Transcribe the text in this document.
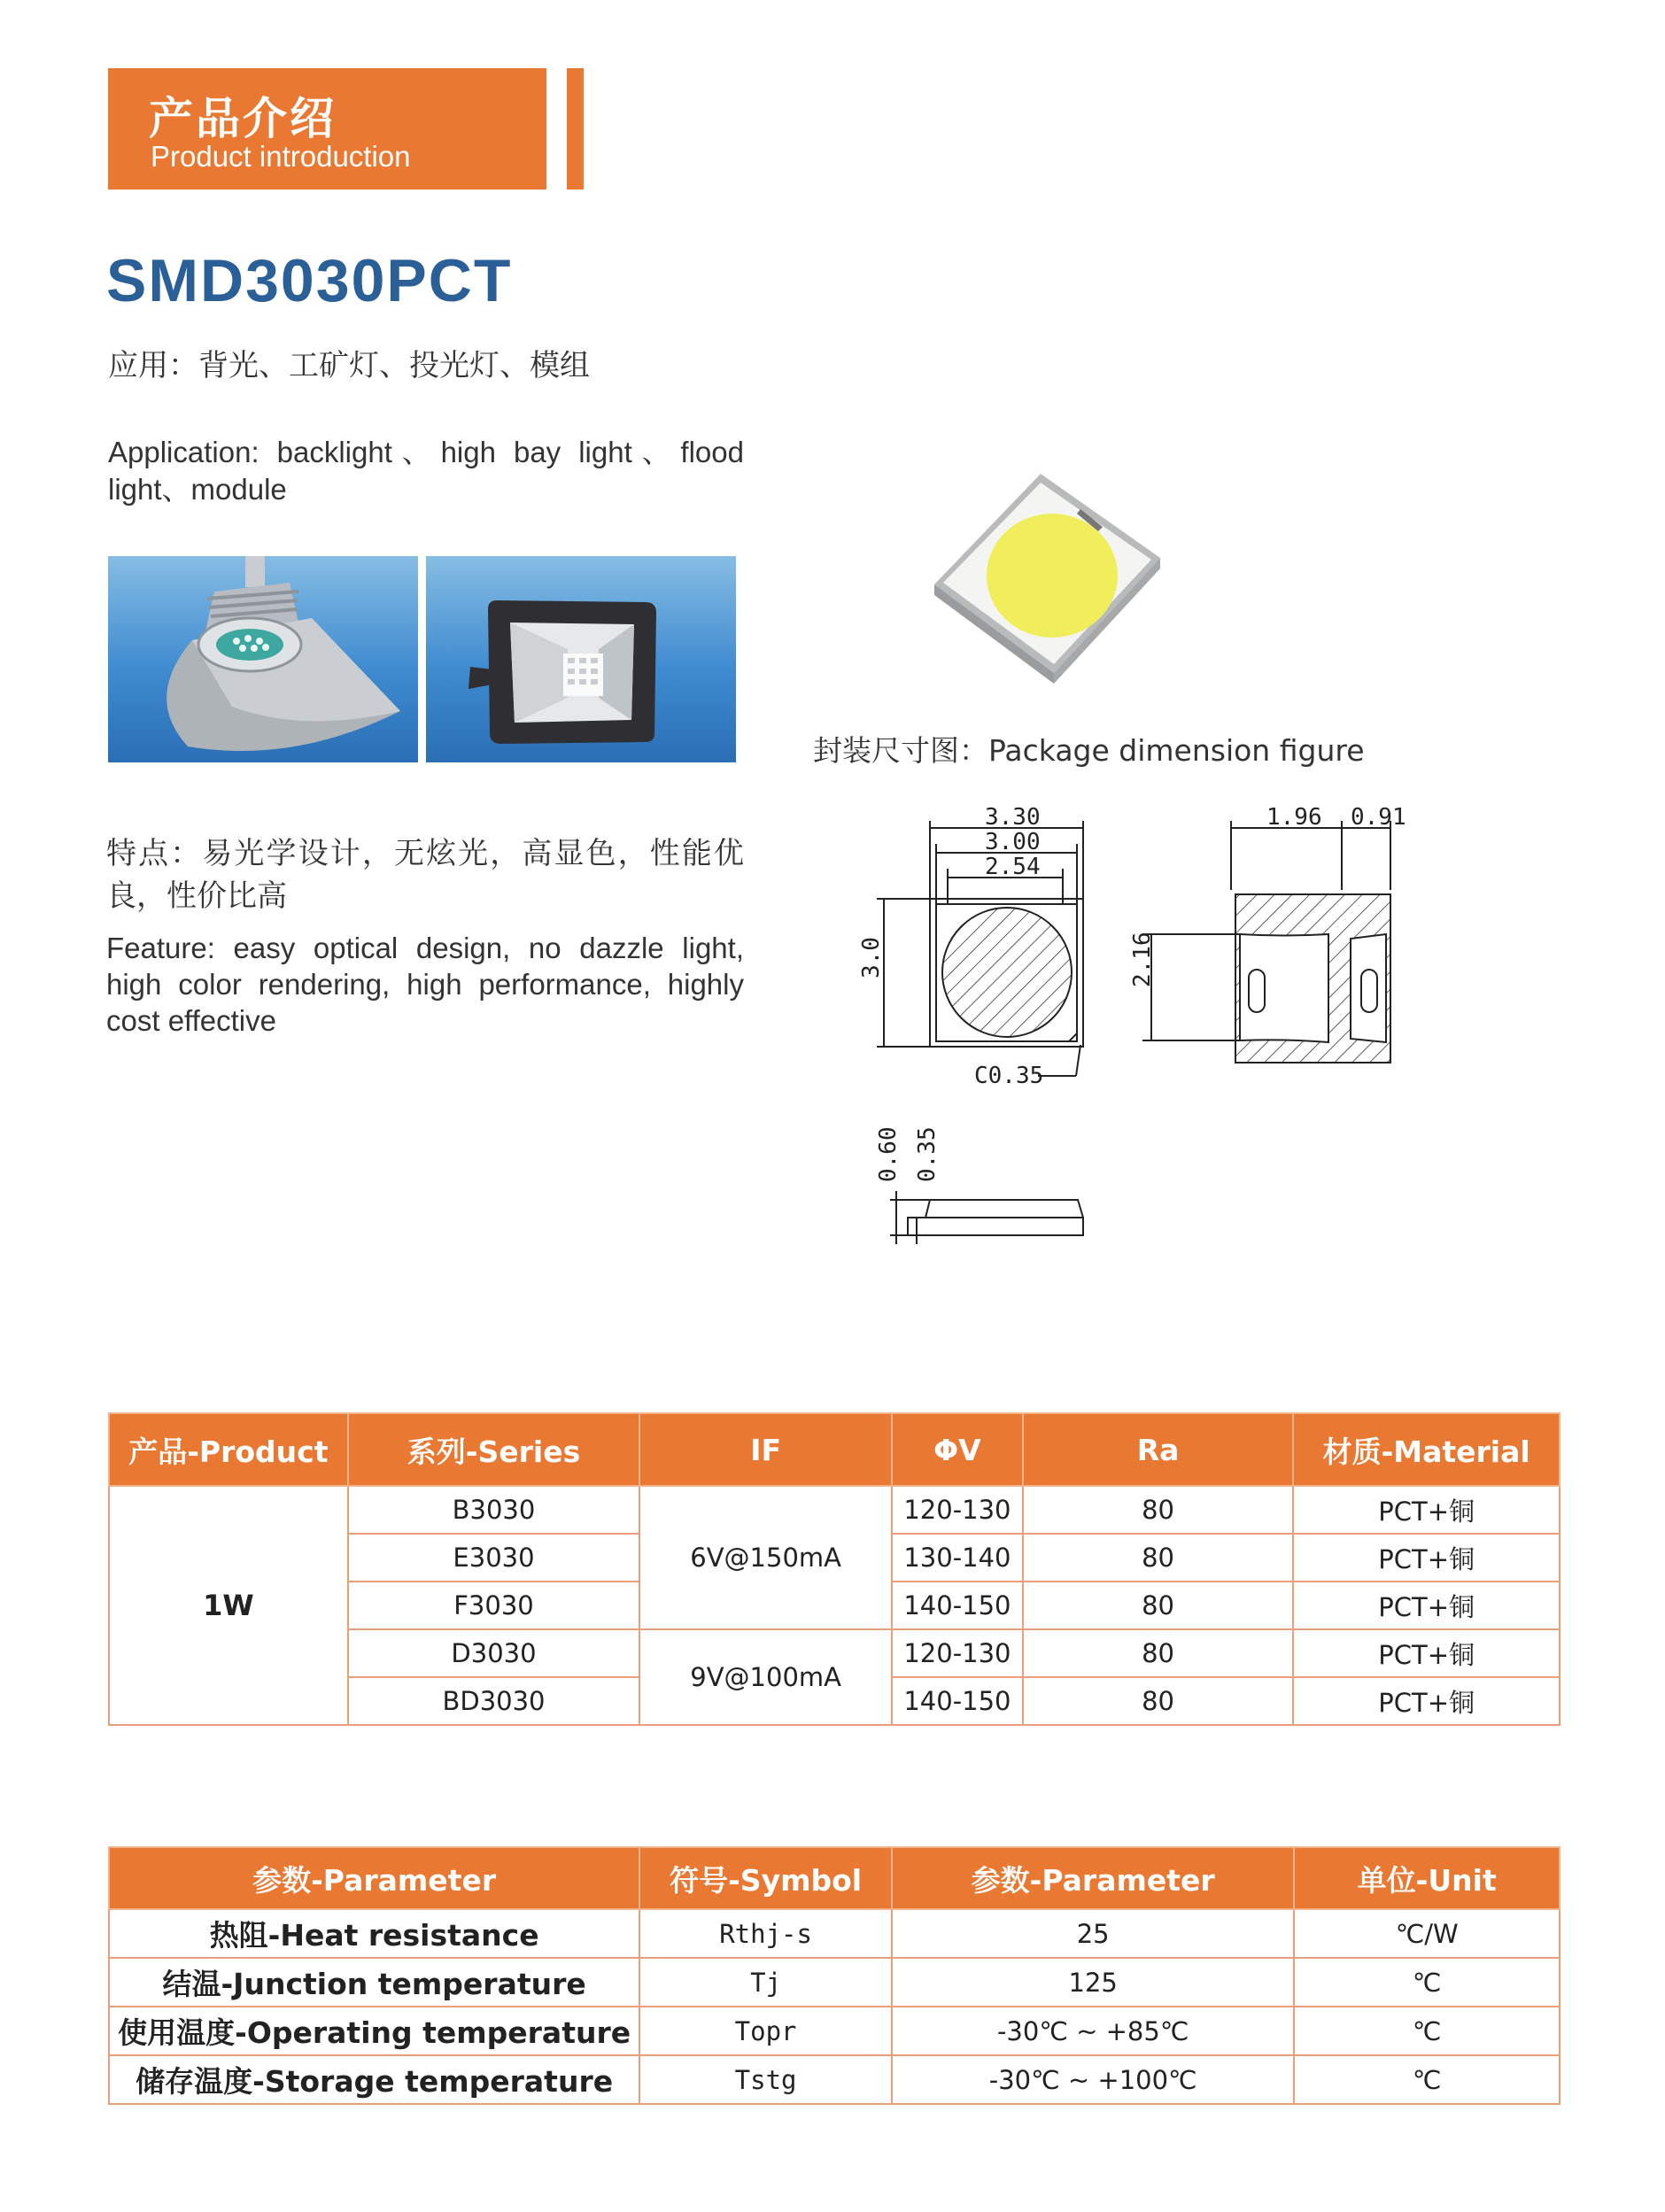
产品介绍
Product introduction
SMD3030PCT
应用：背光、工矿灯、投光灯、模组
Application: backlight、high bay light、flood light、module
封装尺寸图：Package dimension figure
特点：易光学设计，无炫光，高显色，性能优良，性价比高
Feature: easy optical design, no dazzle light, high color rendering, high performance, highly cost effective
3.30
3.00
2.54
3.0
1.96 0.91
2.16
C0.35
0.60 0.35
产品-Product	系列-Series	IF	ΦV	Ra	材质-Material
1W	B3030	6V@150mA	120-130	80	PCT+铜
	E3030		130-140	80	PCT+铜
	F3030		140-150	80	PCT+铜
	D3030	9V@100mA	120-130	80	PCT+铜
	BD3030		140-150	80	PCT+铜
参数-Parameter	符号-Symbol	参数-Parameter	单位-Unit
热阻-Heat resistance	Rthj-s	25	℃/W
结温-Junction temperature	Tj	125	℃
使用温度-Operating temperature	Topr	-30℃ ~ +85℃	℃
储存温度-Storage temperature	Tstg	-30℃ ~ +100℃	℃
